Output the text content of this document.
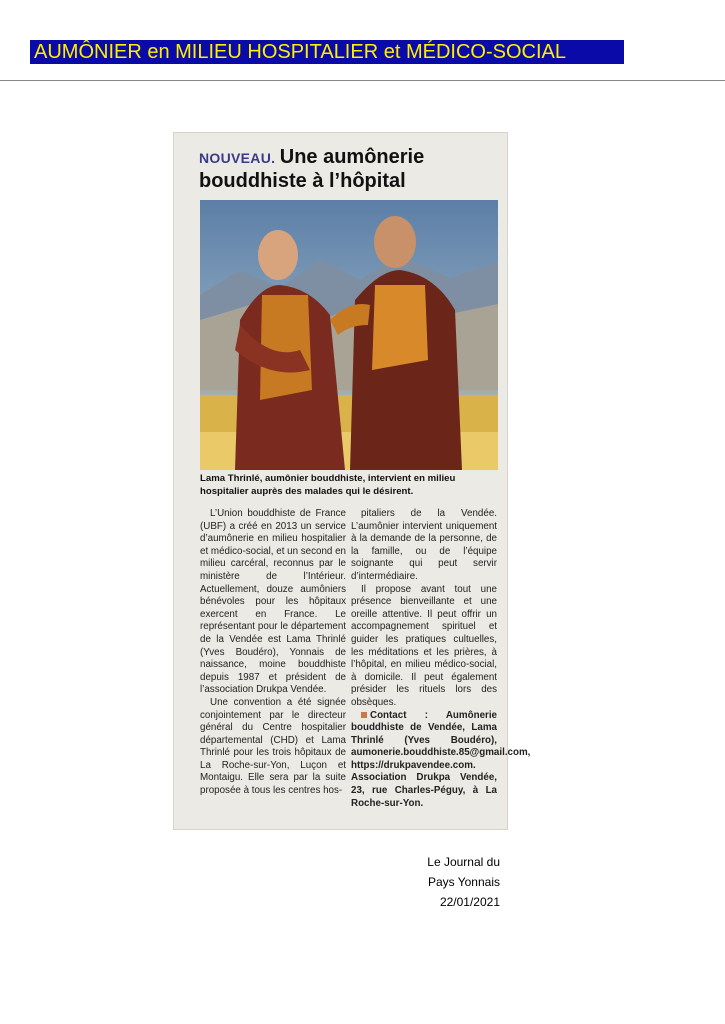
AUMÔNIER en MILIEU HOSPITALIER et MÉDICO-SOCIAL
NOUVEAU. Une aumônerie
bouddhiste à l’hôpital
Lama Thrinlé, aumônier bouddhiste, intervient en milieu hospitalier auprès des malades qui le désirent.

L’Union bouddhiste de France (UBF) a créé en 2013 un service d’aumônerie en milieu hospitalier et médico-social, et un second en milieu carcéral, reconnus par le ministère de l’Intérieur. Actuellement, douze aumôniers bénévoles pour les hôpitaux exercent en France. Le représentant pour le département de la Vendée est Lama Thrinlé (Yves Boudéro), Yonnais de naissance, moine bouddhiste depuis 1987 et président de l’association Drukpa Vendée.

Une convention a été signée conjointement par le directeur général du Centre hospitalier départemental (CHD) et Lama Thrinlé pour les trois hôpitaux de La Roche-sur-Yon, Luçon et Montaigu. Elle sera par la suite proposée à tous les centres hos-

pitaliers de la Vendée. L’aumônier intervient uniquement à la demande de la personne, de la famille, ou de l’équipe soignante qui peut servir d’intermédiaire.

Il propose avant tout une présence bienveillante et une oreille attentive. Il peut offrir un accompagnement spirituel et guider les pratiques cultuelles, les méditations et les prières, à l’hôpital, en milieu médico-social, à domicile. Il peut également présider les rituels lors des obsèques.

Contact : Aumônerie bouddhiste de Vendée, Lama Thrinlé (Yves Boudéro), aumonerie.bouddhiste.85@gmail.com, https://drukpavendee.com. Association Drukpa Vendée, 23, rue Charles-Péguy, à La Roche-sur-Yon.

Le Journal du
Pays Yonnais
22/01/2021
